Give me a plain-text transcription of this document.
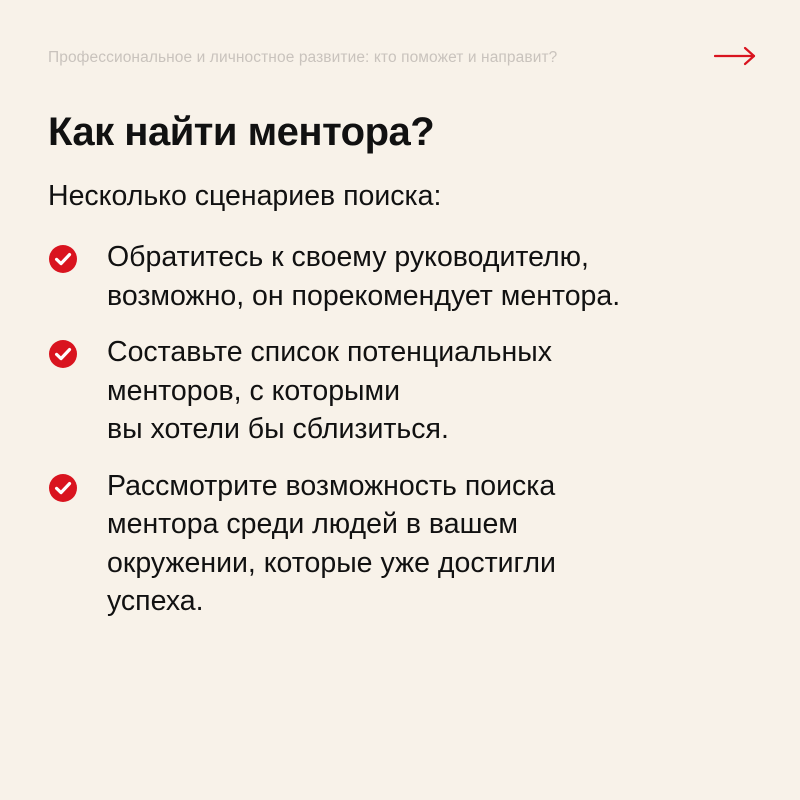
Профессиональное и личностное развитие: кто поможет и направит?
Как найти ментора?

Несколько сценариев поиска:

Обратитесь к своему руководителю,
возможно, он порекомендует ментора.
Составьте список потенциальных
менторов, с которыми
вы хотели бы сблизиться.
Рассмотрите возможность поиска
ментора среди людей в вашем
окружении, которые уже достигли
успеха.
